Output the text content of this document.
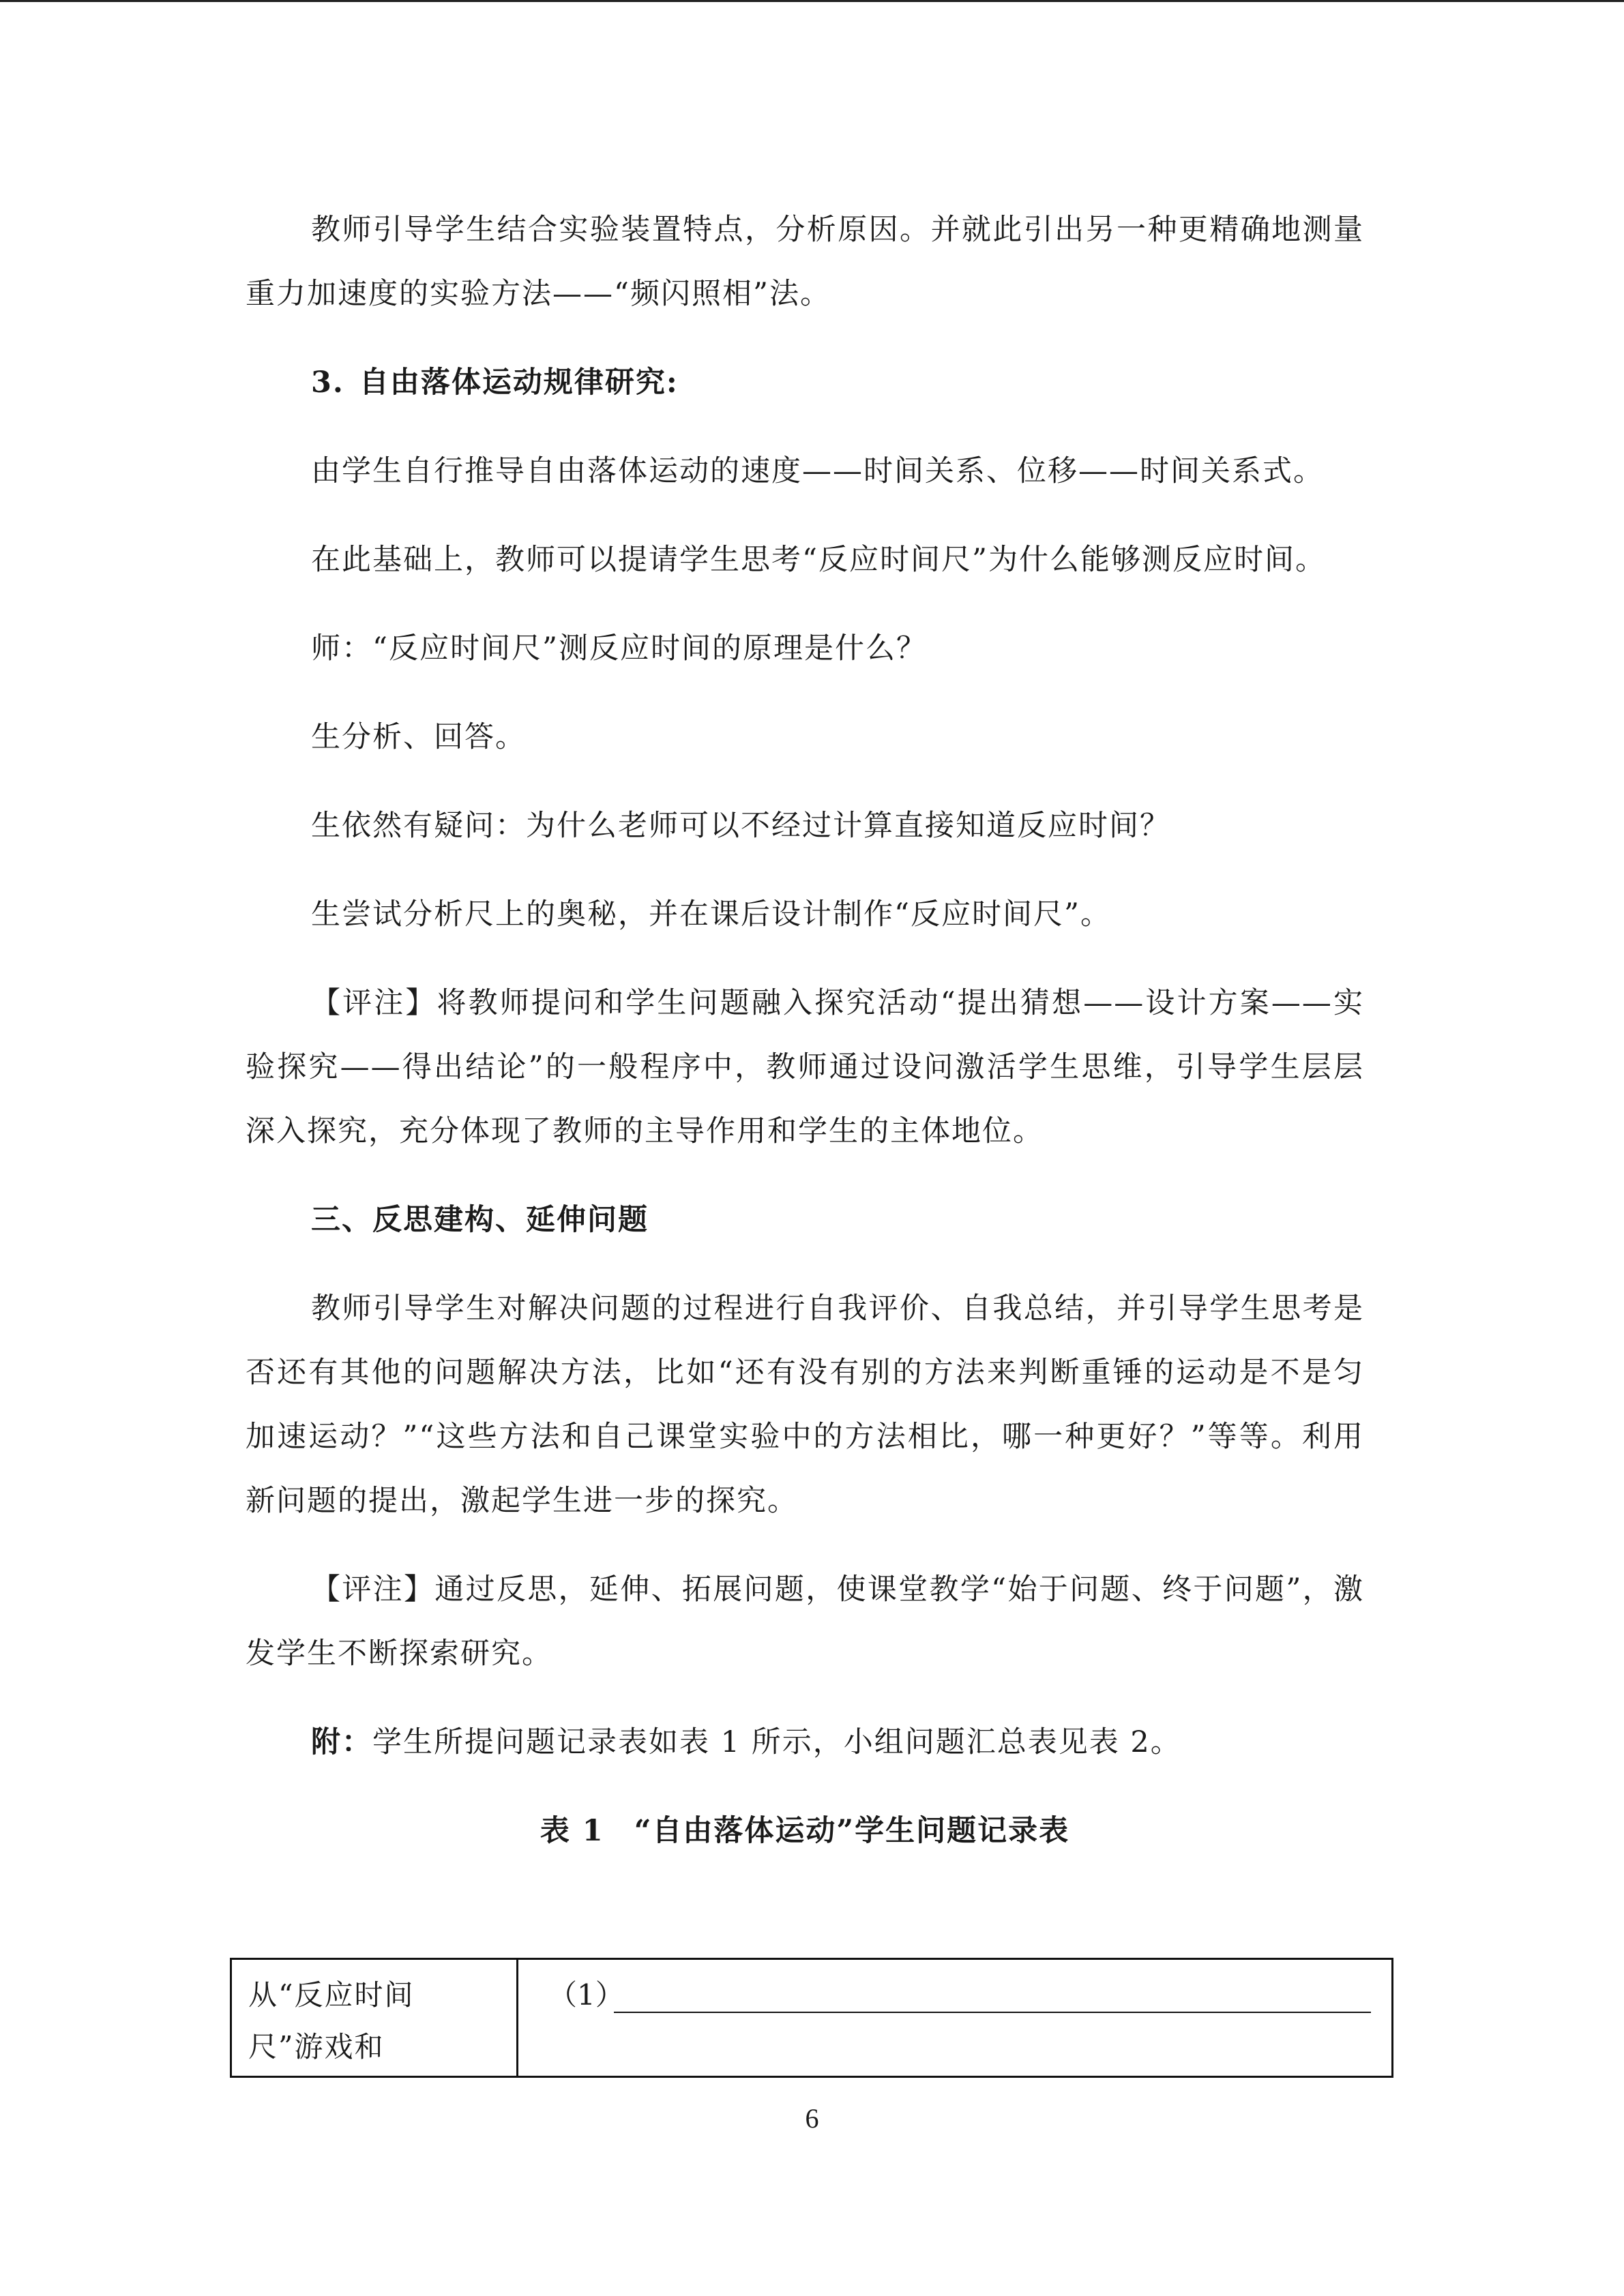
教师引导学生结合实验装置特点，分析原因。并就此引出另一种更精确地测量重力加速度的实验方法——“频闪照相”法。

3. 自由落体运动规律研究:

由学生自行推导自由落体运动的速度——时间关系、位移——时间关系式。

在此基础上，教师可以提请学生思考“反应时间尺”为什么能够测反应时间。

师：“反应时间尺”测反应时间的原理是什么？

生分析、回答。

生依然有疑问：为什么老师可以不经过计算直接知道反应时间？

生尝试分析尺上的奥秘，并在课后设计制作“反应时间尺”。

【评注】将教师提问和学生问题融入探究活动“提出猜想——设计方案——实验探究——得出结论”的一般程序中，教师通过设问激活学生思维，引导学生层层深入探究，充分体现了教师的主导作用和学生的主体地位。

三、反思建构、延伸问题

教师引导学生对解决问题的过程进行自我评价、自我总结，并引导学生思考是否还有其他的问题解决方法，比如“还有没有别的方法来判断重锤的运动是不是匀加速运动？”“这些方法和自己课堂实验中的方法相比，哪一种更好？”等等。利用新问题的提出，激起学生进一步的探究。

【评注】通过反思，延伸、拓展问题，使课堂教学“始于问题、终于问题”，激发学生不断探索研究。

附：学生所提问题记录表如表 1 所示，小组问题汇总表见表 2。

表 1 “自由落体运动”学生问题记录表
从“反应时间
尺”游戏和
（1）
6
